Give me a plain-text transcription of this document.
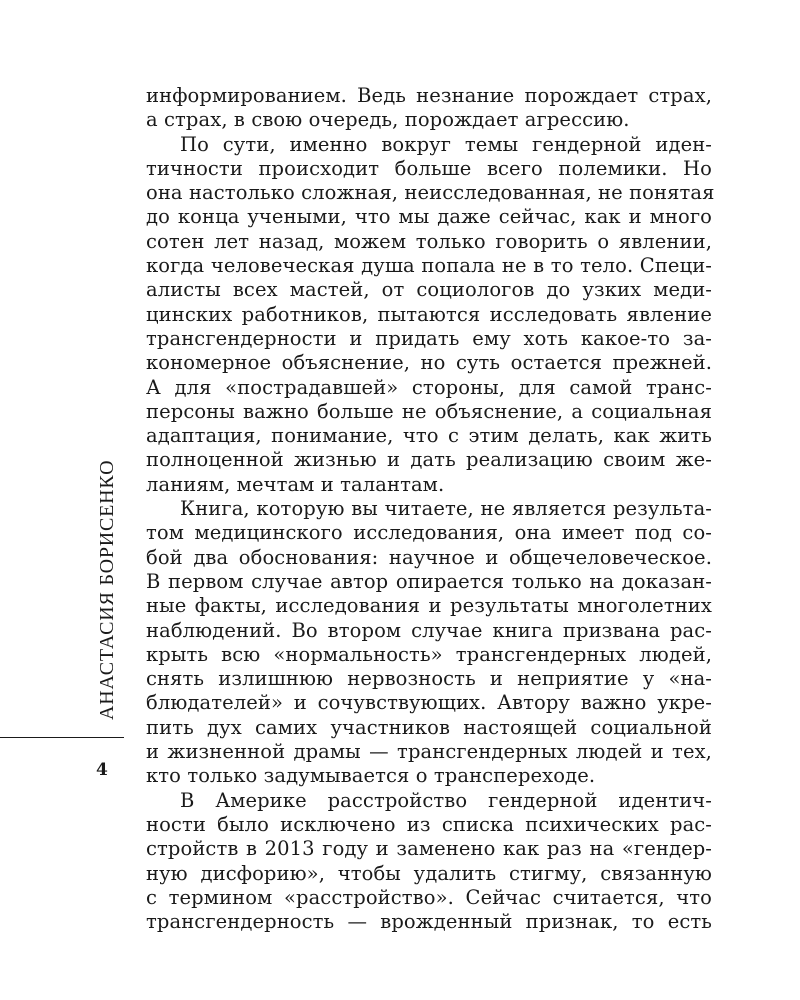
АНАСТАСИЯ БОРИСЕНКО
4
информированием. Ведь незнание порождает страх,
а страх, в свою очередь, порождает агрессию.
По сути, именно вокруг темы гендерной иден-
тичности происходит больше всего полемики. Но
она настолько сложная, неисследованная, не понятая
до конца учеными, что мы даже сейчас, как и много
сотен лет назад, можем только говорить о явлении,
когда человеческая душа попала не в то тело. Специ-
алисты всех мастей, от социологов до узких меди-
цинских работников, пытаются исследовать явление
трансгендерности и придать ему хоть какое-то за-
кономерное объяснение, но суть остается прежней.
А для «пострадавшей» стороны, для самой транс-
персоны важно больше не объяснение, а социальная
адаптация, понимание, что с этим делать, как жить
полноценной жизнью и дать реализацию своим же-
ланиям, мечтам и талантам.
Книга, которую вы читаете, не является результа-
том медицинского исследования, она имеет под со-
бой два обоснования: научное и общечеловеческое.
В первом случае автор опирается только на доказан-
ные факты, исследования и результаты многолетних
наблюдений. Во втором случае книга призвана рас-
крыть всю «нормальность» трансгендерных людей,
снять излишнюю нервозность и неприятие у «на-
блюдателей» и сочувствующих. Автору важно укре-
пить дух самих участников настоящей социальной
и жизненной драмы — трансгендерных людей и тех,
кто только задумывается о транспереходе.
В Америке расстройство гендерной идентич-
ности было исключено из списка психических рас-
стройств в 2013 году и заменено как раз на «гендер-
ную дисфорию», чтобы удалить стигму, связанную
с термином «расстройство». Сейчас считается, что
трансгендерность — врожденный признак, то есть
